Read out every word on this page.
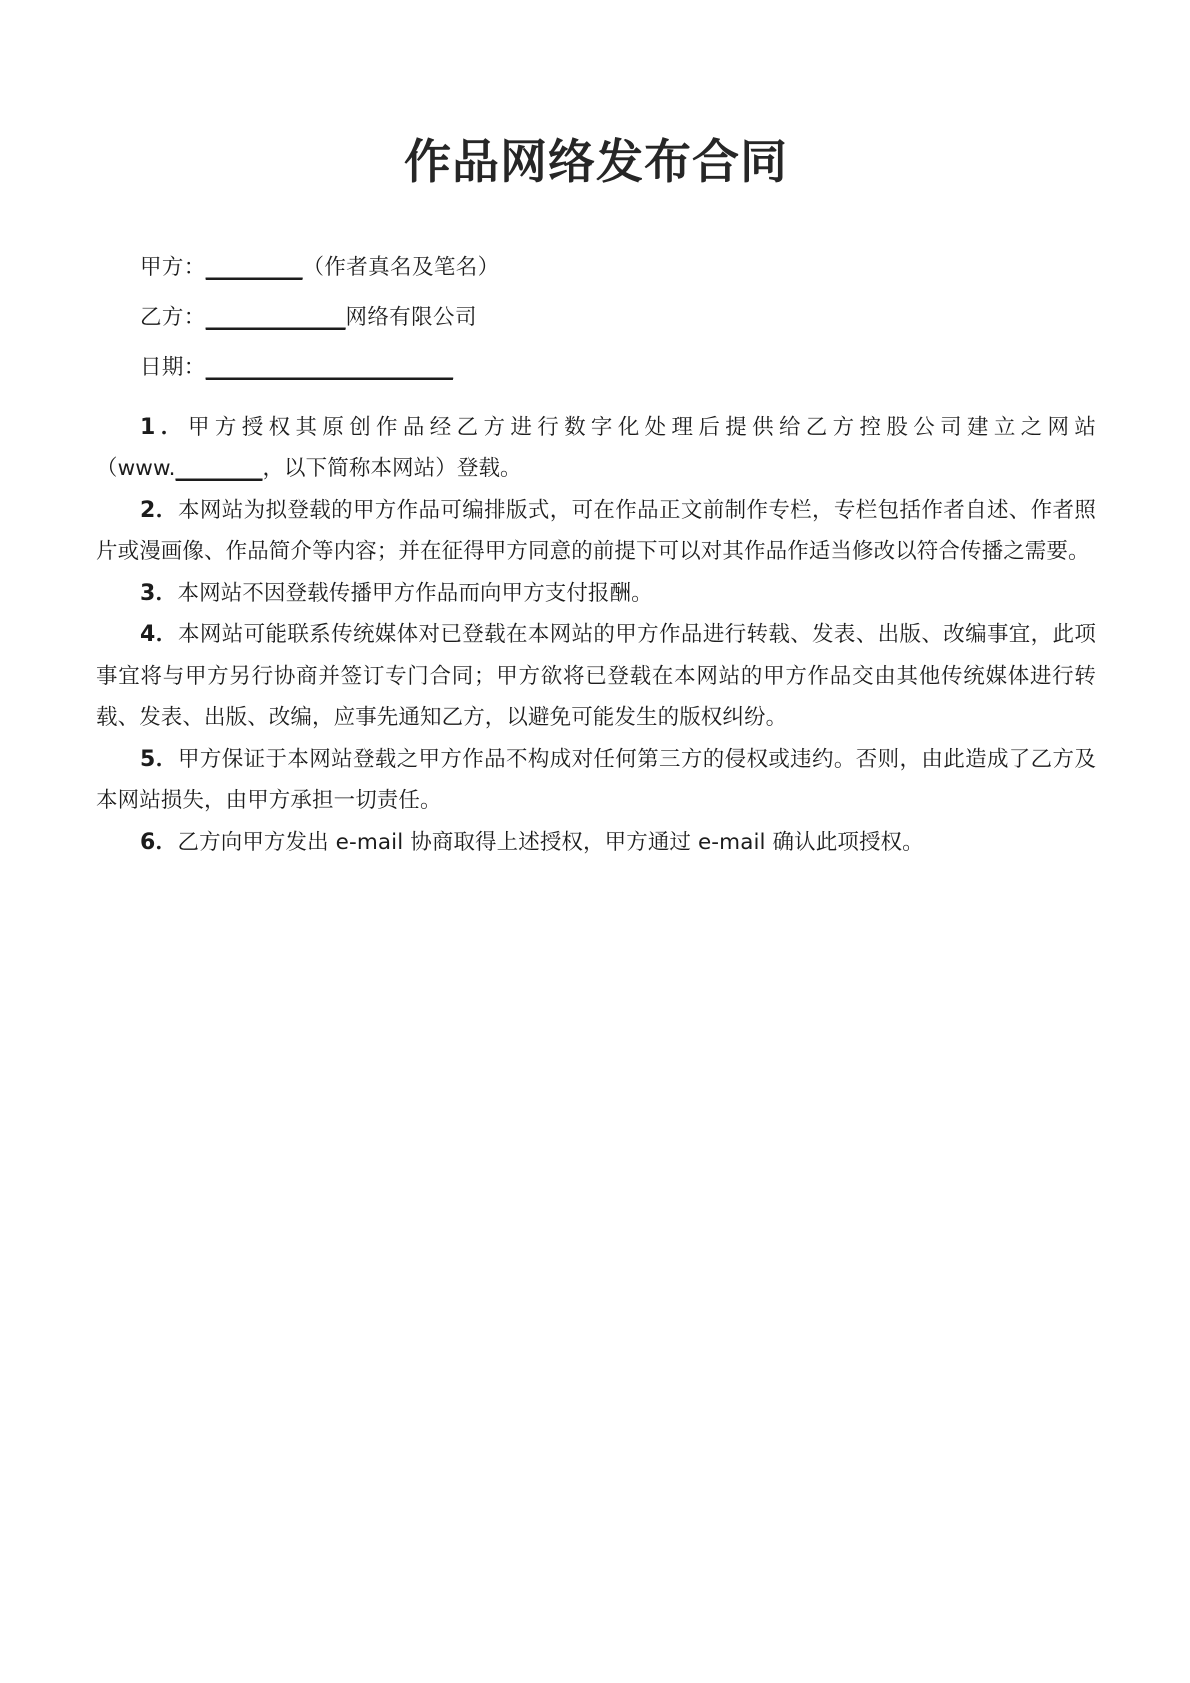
作品网络发布合同

甲方：_________（作者真名及笔名）

乙方：_____________网络有限公司

日期：_______________________

1．甲方授权其原创作品经乙方进行数字化处理后提供给乙方控股公司建立之网站（www.________，以下简称本网站）登载。

2．本网站为拟登载的甲方作品可编排版式，可在作品正文前制作专栏，专栏包括作者自述、作者照片或漫画像、作品简介等内容；并在征得甲方同意的前提下可以对其作品作适当修改以符合传播之需要。

3．本网站不因登载传播甲方作品而向甲方支付报酬。

4．本网站可能联系传统媒体对已登载在本网站的甲方作品进行转载、发表、出版、改编事宜，此项事宜将与甲方另行协商并签订专门合同；甲方欲将已登载在本网站的甲方作品交由其他传统媒体进行转载、发表、出版、改编，应事先通知乙方，以避免可能发生的版权纠纷。

5．甲方保证于本网站登载之甲方作品不构成对任何第三方的侵权或违约。否则，由此造成了乙方及本网站损失，由甲方承担一切责任。

6．乙方向甲方发出 e-mail 协商取得上述授权，甲方通过 e-mail 确认此项授权。
